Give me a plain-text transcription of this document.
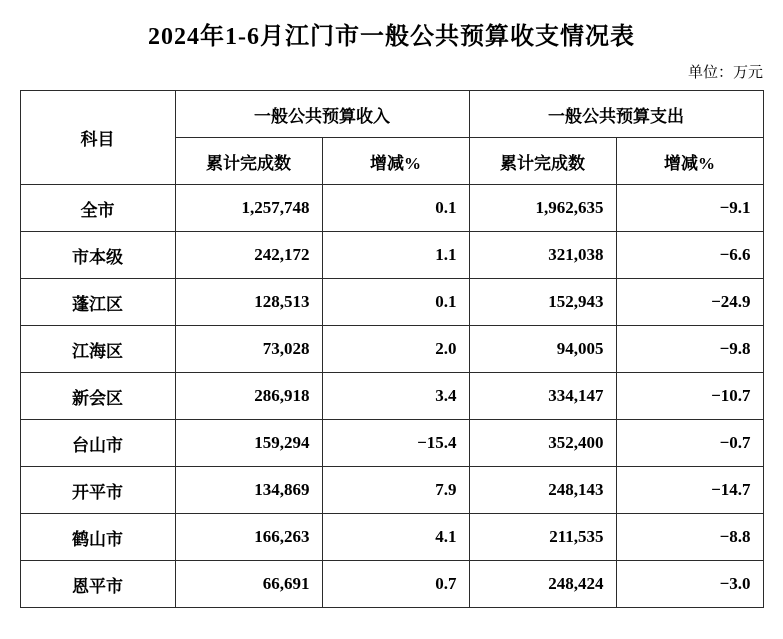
2024年1-6月江门市一般公共预算收支情况表
单位：万元
科目	一般公共预算收入		一般公共预算支出	
	累计完成数	增减%	累计完成数	增减%
全市	1,257,748	0.1	1,962,635	−9.1
市本级	242,172	1.1	321,038	−6.6
蓬江区	128,513	0.1	152,943	−24.9
江海区	73,028	2.0	94,005	−9.8
新会区	286,918	3.4	334,147	−10.7
台山市	159,294	−15.4	352,400	−0.7
开平市	134,869	7.9	248,143	−14.7
鹤山市	166,263	4.1	211,535	−8.8
恩平市	66,691	0.7	248,424	−3.0
